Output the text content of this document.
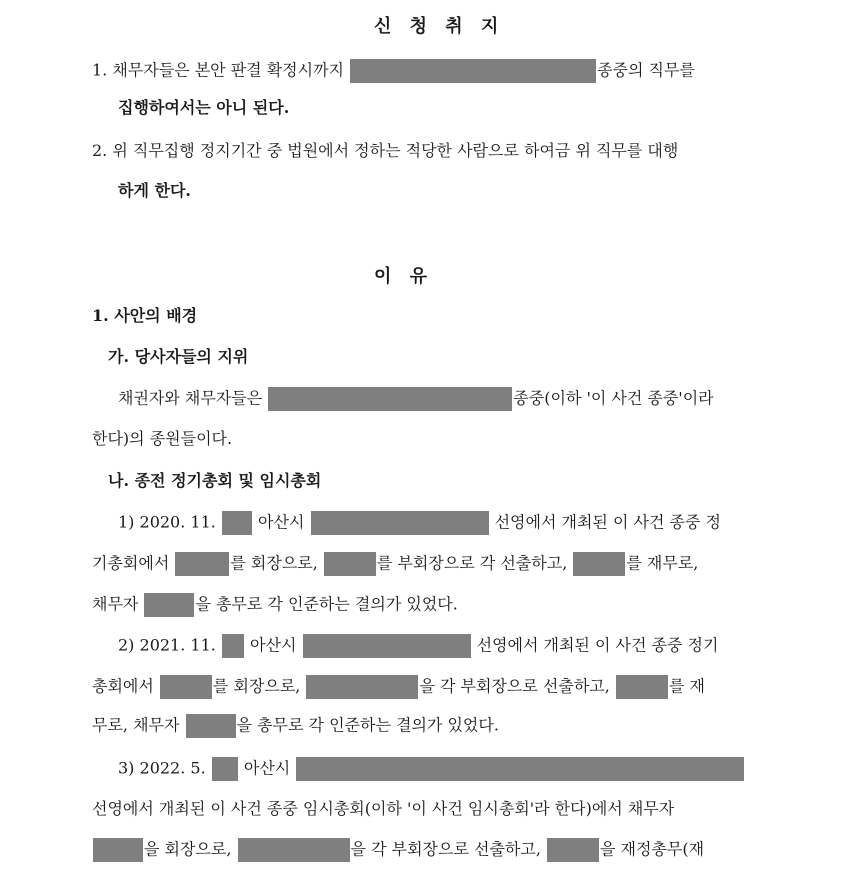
신 청 취 지
1. 채무자들은 본안 판결 확정시까지	종중의 직무를
집행하여서는 아니 된다.
2. 위 직무집행 정지기간 중 법원에서 정하는 적당한 사람으로 하여금 위 직무를 대행
하게 한다.
이 유
1. 사안의 배경
가. 당사자들의 지위
채권자와 채무자들은	종중(이하 '이 사건 종중'이라
한다)의 종원들이다.
나. 종전 정기총회 및 임시총회
1) 2020. 11.	아산시	선영에서 개최된 이 사건 종중 정
기총회에서	를 회장으로,	를 부회장으로 각 선출하고,	를 재무로,
채무자	을 총무로 각 인준하는 결의가 있었다.
2) 2021. 11. 아산시	선영에서 개최된 이 사건 종중 정기
총회에서	를 회장으로,	을 각 부회장으로 선출하고,	를 재
무로, 채무자	을 총무로 각 인준하는 결의가 있었다.
3) 2022. 5. 아산시
선영에서 개최된 이 사건 종중 임시총회(이하 '이 사건 임시총회'라 한다)에서 채무자
을 회장으로,	을 각 부회장으로 선출하고,	을 재정총무(재
